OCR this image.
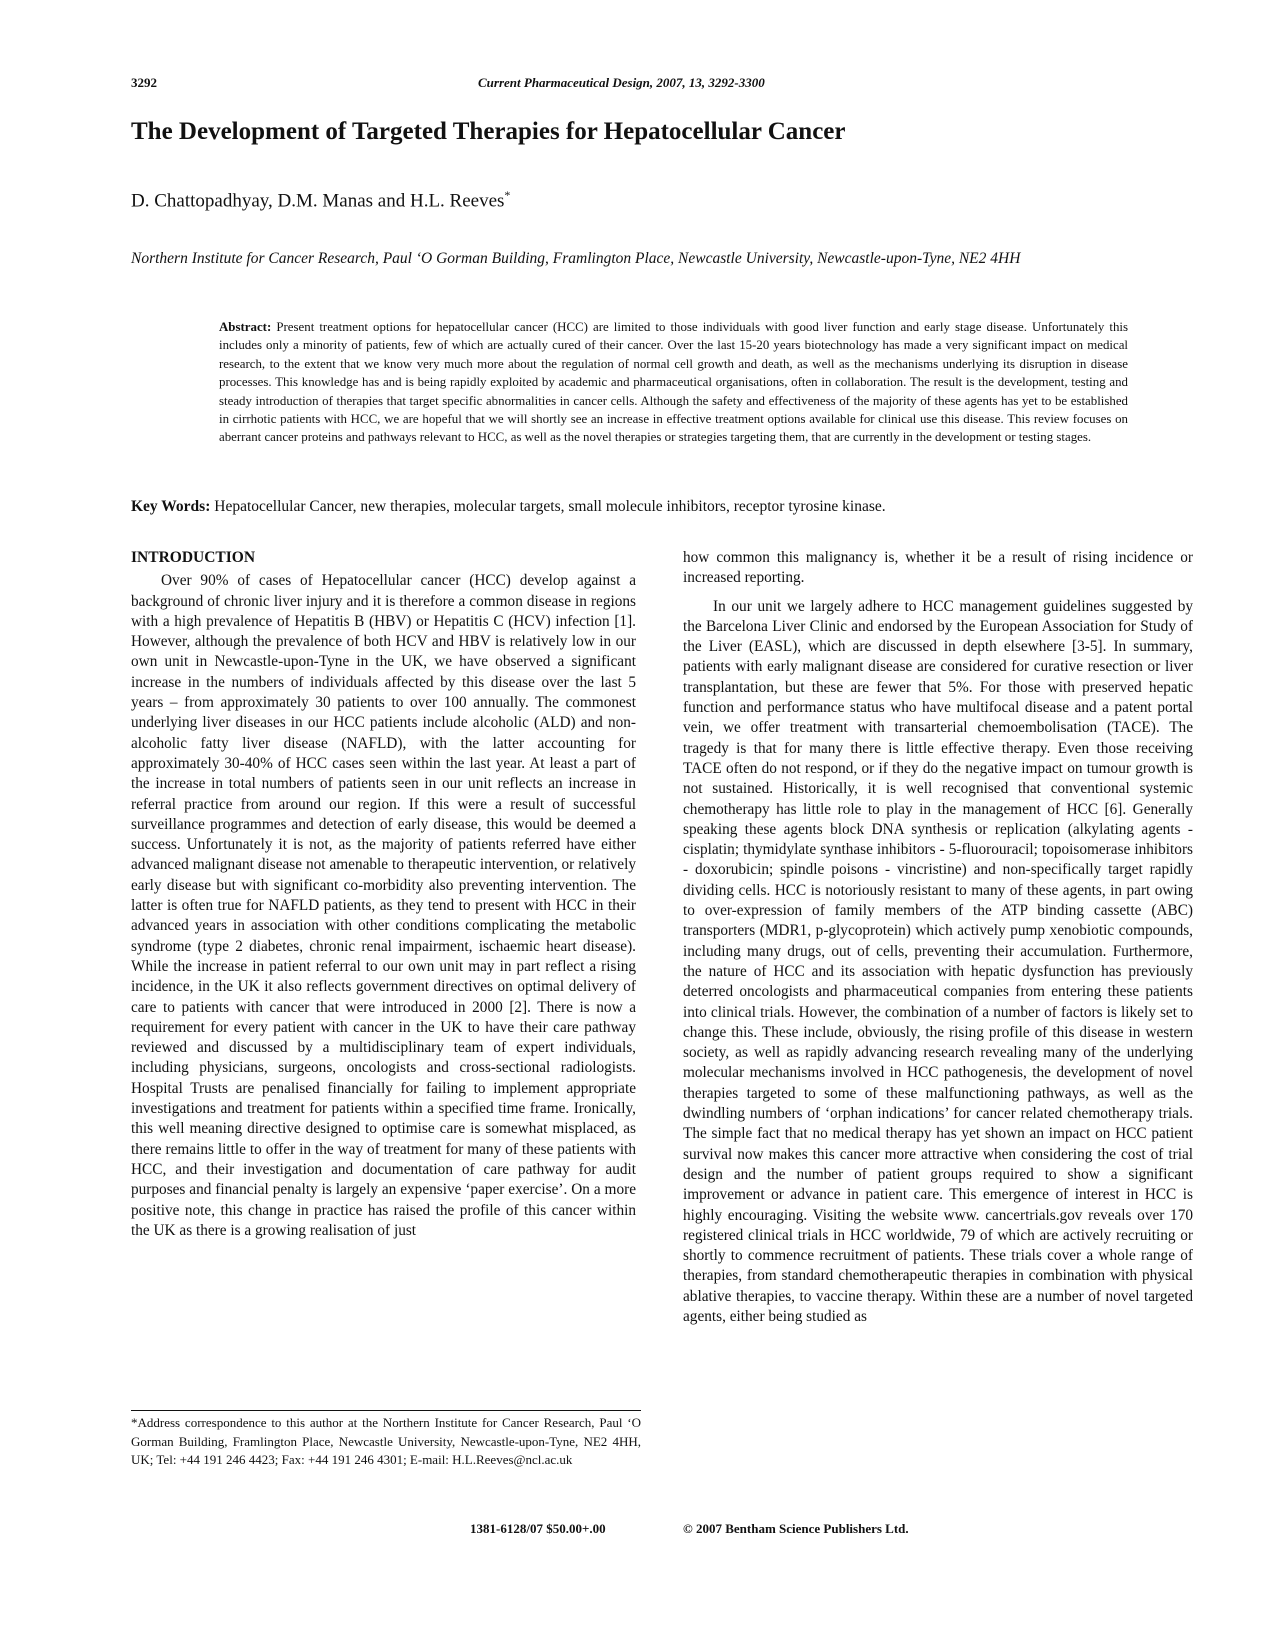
3292	Current Pharmaceutical Design, 2007, 13, 3292-3300
The Development of Targeted Therapies for Hepatocellular Cancer
D. Chattopadhyay, D.M. Manas and H.L. Reeves*
Northern Institute for Cancer Research, Paul ‘O Gorman Building, Framlington Place, Newcastle University, Newcastle-upon-Tyne, NE2 4HH
Abstract: Present treatment options for hepatocellular cancer (HCC) are limited to those individuals with good liver function and early stage disease. Unfortunately this includes only a minority of patients, few of which are actually cured of their cancer. Over the last 15-20 years biotechnology has made a very significant impact on medical research, to the extent that we know very much more about the regulation of normal cell growth and death, as well as the mechanisms underlying its disruption in disease processes. This knowledge has and is being rapidly exploited by academic and pharmaceutical organisations, often in collaboration. The result is the development, testing and steady introduction of therapies that target specific abnormalities in cancer cells. Although the safety and effectiveness of the majority of these agents has yet to be established in cirrhotic patients with HCC, we are hopeful that we will shortly see an increase in effective treatment options available for clinical use this disease. This review focuses on aberrant cancer proteins and pathways relevant to HCC, as well as the novel therapies or strategies targeting them, that are currently in the development or testing stages.
Key Words: Hepatocellular Cancer, new therapies, molecular targets, small molecule inhibitors, receptor tyrosine kinase.
INTRODUCTION

Over 90% of cases of Hepatocellular cancer (HCC) develop against a background of chronic liver injury and it is therefore a common disease in regions with a high prevalence of Hepatitis B (HBV) or Hepatitis C (HCV) infection [1]. However, although the prevalence of both HCV and HBV is relatively low in our own unit in Newcastle-upon-Tyne in the UK, we have observed a significant increase in the numbers of individuals affected by this disease over the last 5 years – from approximately 30 patients to over 100 annually. The commonest underlying liver diseases in our HCC patients include alcoholic (ALD) and non-alcoholic fatty liver disease (NAFLD), with the latter accounting for approximately 30-40% of HCC cases seen within the last year. At least a part of the increase in total numbers of patients seen in our unit reflects an increase in referral practice from around our region. If this were a result of successful surveillance programmes and detection of early disease, this would be deemed a success. Unfortunately it is not, as the majority of patients referred have either advanced malignant disease not amenable to therapeutic intervention, or relatively early disease but with significant co-morbidity also preventing intervention. The latter is often true for NAFLD patients, as they tend to present with HCC in their advanced years in association with other conditions complicating the metabolic syndrome (type 2 diabetes, chronic renal impairment, ischaemic heart disease). While the increase in patient referral to our own unit may in part reflect a rising incidence, in the UK it also reflects government directives on optimal delivery of care to patients with cancer that were introduced in 2000 [2]. There is now a requirement for every patient with cancer in the UK to have their care pathway reviewed and discussed by a multidisciplinary team of expert individuals, including physicians, surgeons, oncologists and cross-sectional radiologists. Hospital Trusts are penalised financially for failing to implement appropriate investigations and treatment for patients within a specified time frame. Ironically, this well meaning directive designed to optimise care is somewhat misplaced, as there remains little to offer in the way of treatment for many of these patients with HCC, and their investigation and documentation of care pathway for audit purposes and financial penalty is largely an expensive ‘paper exercise’. On a more positive note, this change in practice has raised the profile of this cancer within the UK as there is a growing realisation of just

how common this malignancy is, whether it be a result of rising incidence or increased reporting.

In our unit we largely adhere to HCC management guidelines suggested by the Barcelona Liver Clinic and endorsed by the European Association for Study of the Liver (EASL), which are discussed in depth elsewhere [3-5]. In summary, patients with early malignant disease are considered for curative resection or liver transplantation, but these are fewer that 5%. For those with preserved hepatic function and performance status who have multifocal disease and a patent portal vein, we offer treatment with transarterial chemoembolisation (TACE). The tragedy is that for many there is little effective therapy. Even those receiving TACE often do not respond, or if they do the negative impact on tumour growth is not sustained. Historically, it is well recognised that conventional systemic chemotherapy has little role to play in the management of HCC [6]. Generally speaking these agents block DNA synthesis or replication (alkylating agents - cisplatin; thymidylate synthase inhibitors - 5-fluorouracil; topoisomerase inhibitors - doxorubicin; spindle poisons - vincristine) and non-specifically target rapidly dividing cells. HCC is notoriously resistant to many of these agents, in part owing to over-expression of family members of the ATP binding cassette (ABC) transporters (MDR1, p-glycoprotein) which actively pump xenobiotic compounds, including many drugs, out of cells, preventing their accumulation. Furthermore, the nature of HCC and its association with hepatic dysfunction has previously deterred oncologists and pharmaceutical companies from entering these patients into clinical trials. However, the combination of a number of factors is likely set to change this. These include, obviously, the rising profile of this disease in western society, as well as rapidly advancing research revealing many of the underlying molecular mechanisms involved in HCC pathogenesis, the development of novel therapies targeted to some of these malfunctioning pathways, as well as the dwindling numbers of ‘orphan indications’ for cancer related chemotherapy trials. The simple fact that no medical therapy has yet shown an impact on HCC patient survival now makes this cancer more attractive when considering the cost of trial design and the number of patient groups required to show a significant improvement or advance in patient care. This emergence of interest in HCC is highly encouraging. Visiting the website www. cancertrials.gov reveals over 170 registered clinical trials in HCC worldwide, 79 of which are actively recruiting or shortly to commence recruitment of patients. These trials cover a whole range of therapies, from standard chemotherapeutic therapies in combination with physical ablative therapies, to vaccine therapy. Within these are a number of novel targeted agents, either being studied as

*Address correspondence to this author at the Northern Institute for Cancer Research, Paul ‘O Gorman Building, Framlington Place, Newcastle University, Newcastle-upon-Tyne, NE2 4HH, UK; Tel: +44 191 246 4423; Fax: +44 191 246 4301; E-mail: H.L.Reeves@ncl.ac.uk
1381-6128/07 $50.00+.00	© 2007 Bentham Science Publishers Ltd.
